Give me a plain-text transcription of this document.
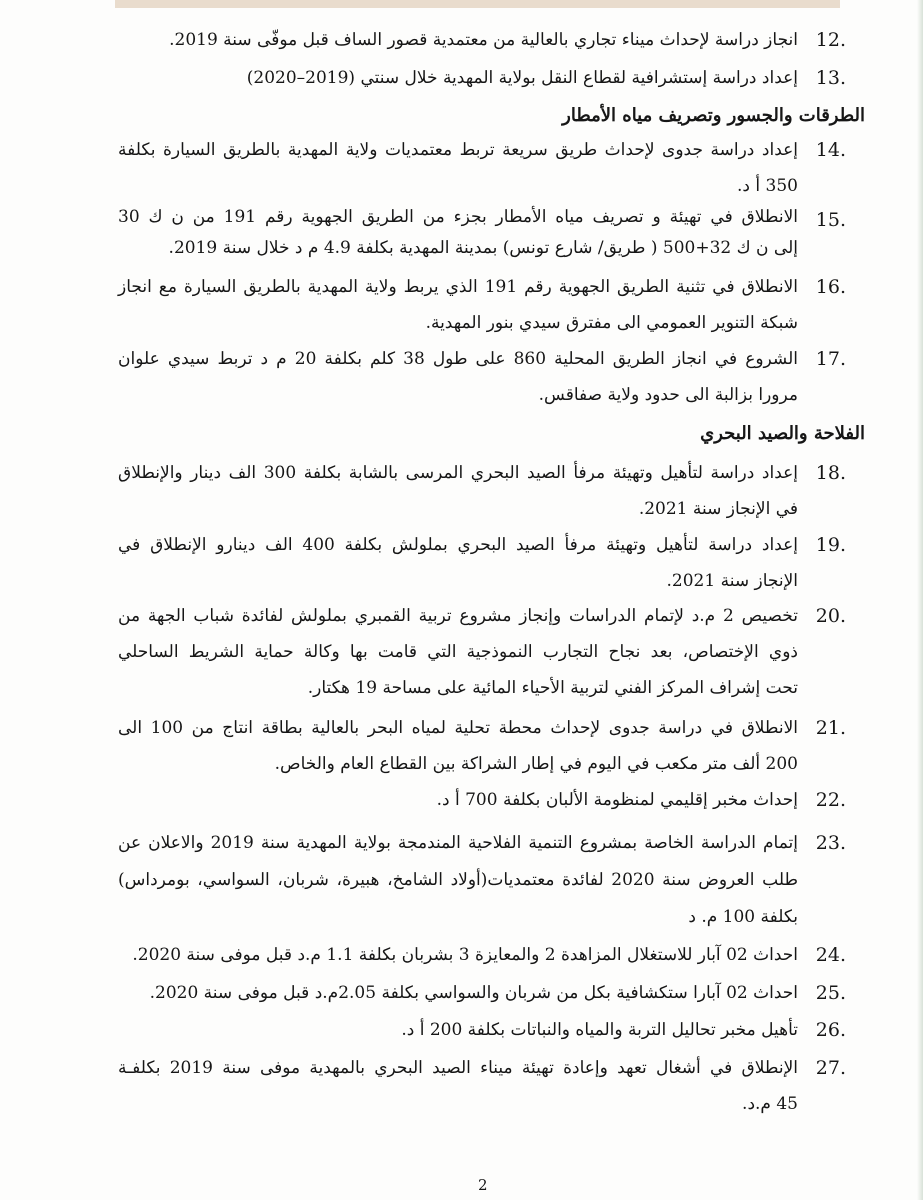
12.
انجاز دراسة لإحداث ميناء تجاري بالعالية من معتمدية قصور الساف قبل موفّى سنة 2019.
13.
إعداد دراسة إستشرافية لقطاع النقل بولاية المهدية خلال سنتي (2019–2020)
الطرقات والجسور وتصريف مياه الأمطار
14.
إعداد دراسة جدوى لإحداث طريق سريعة تربط معتمديات ولاية المهدية بالطريق السيارة بكلفة
350 أ د.
15.
الانطلاق في تهيئة و تصريف مياه الأمطار بجزء من الطريق الجهوية رقم 191 من ن ك 30
إلى ن ك 32+500 ( طريق/ شارع تونس) بمدينة المهدية بكلفة 4.9 م د خلال سنة 2019.
16.
الانطلاق في تثنية الطريق الجهوية رقم 191 الذي يربط ولاية المهدية بالطريق السيارة مع انجاز
شبكة التنوير العمومي الى مفترق سيدي بنور المهدية.
17.
الشروع في انجاز الطريق المحلية 860 على طول 38 كلم بكلفة 20 م د تربط سيدي علوان
مرورا بزالبة الى حدود ولاية صفاقس.
الفلاحة والصيد البحري
18.
إعداد دراسة لتأهيل وتهيئة مرفأ الصيد البحري المرسى بالشابة بكلفة 300 الف دينار والإنطلاق
في الإنجاز سنة 2021.
19.
إعداد دراسة لتأهيل وتهيئة مرفأ الصيد البحري بملولش بكلفة 400 الف دينارو الإنطلاق في
الإنجاز سنة 2021.
20.
تخصيص 2 م.د لإتمام الدراسات وإنجاز مشروع تربية القمبري بملولش لفائدة شباب الجهة من
ذوي الإختصاص، بعد نجاح التجارب النموذجية التي قامت بها وكالة حماية الشريط الساحلي
تحت إشراف المركز الفني لتربية الأحياء المائية على مساحة 19 هكتار.
21.
الانطلاق في دراسة جدوى لإحداث محطة تحلية لمياه البحر بالعالية بطاقة انتاج من 100 الى
200 ألف متر مكعب في اليوم في إطار الشراكة بين القطاع العام والخاص.
22.
إحداث مخبر إقليمي لمنظومة الألبان بكلفة 700 أ د.
23.
إتمام الدراسة الخاصة بمشروع التنمية الفلاحية المندمجة بولاية المهدية سنة 2019 والاعلان عن
طلب العروض سنة 2020 لفائدة معتمديات(أولاد الشامخ، هبيرة، شربان، السواسي، بومرداس)
بكلفة 100 م. د
24.
احداث 02 آبار للاستغلال المزاهدة 2 والمعايزة 3 بشربان بكلفة 1.1 م.د قبل موفى سنة 2020.
25.
احداث 02 آبارا ستكشافية بكل من شربان والسواسي بكلفة 2.05م.د قبل موفى سنة 2020.
26.
تأهيل مخبر تحاليل التربة والمياه والنباتات بكلفة 200 أ د.
27.
الإنطلاق في أشغال تعهد وإعادة تهيئة ميناء الصيد البحري بالمهدية موفى سنة 2019 بكلفـة
45 م.د.
2
